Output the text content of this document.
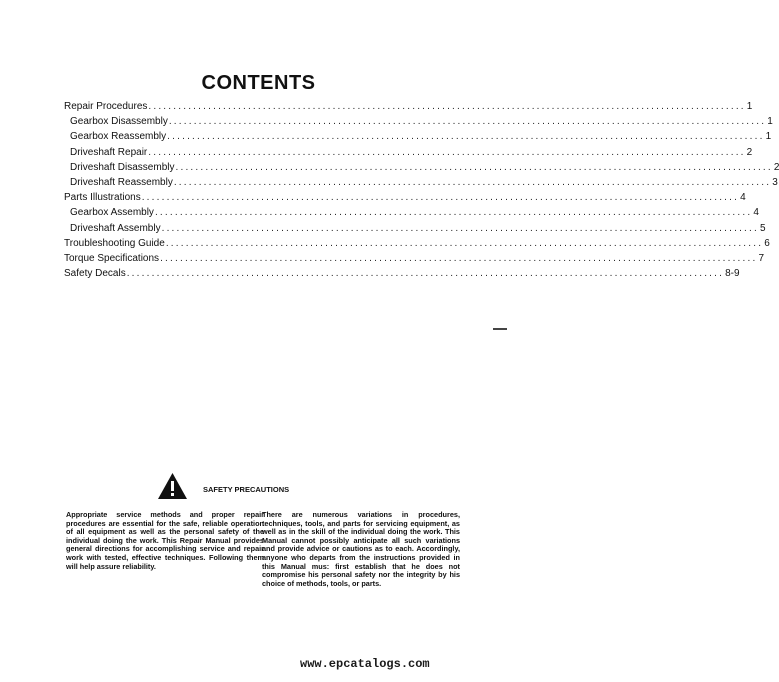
CONTENTS
Repair Procedures ........................................................................................................................ 1
Gearbox Disassembly ........................................................................................................................ 1
Gearbox Reassembly ........................................................................................................................ 1
Driveshaft Repair ........................................................................................................................ 2
Driveshaft Disassembly ........................................................................................................................ 2
Driveshaft Reassembly ........................................................................................................................ 3
Parts Illustrations ........................................................................................................................ 4
Gearbox Assembly ........................................................................................................................ 4
Driveshaft Assembly ........................................................................................................................ 5
Troubleshooting Guide ........................................................................................................................ 6
Torque Specifications ........................................................................................................................ 7
Safety Decals ........................................................................................................................ 8-9
SAFETY PRECAUTIONS
Appropriate service methods and proper repair procedures are essential for the safe, reliable operation of all equipment as well as the personal safety of the individual doing the work. This Repair Manual provides general directions for accomplishing service and repair work with tested, effective techniques. Following them will help assure reliability.
There are numerous variations in procedures, techniques, tools, and parts for servicing equipment, as well as in the skill of the individual doing the work. This Manual cannot possibly anticipate all such variations and provide advice or cautions as to each. Accordingly, anyone who departs from the instructions provided in this Manual mus: first establish that he does not compromise his personal safety nor the integrity by his choice of methods, tools, or parts.
www.epcatalogs.com
